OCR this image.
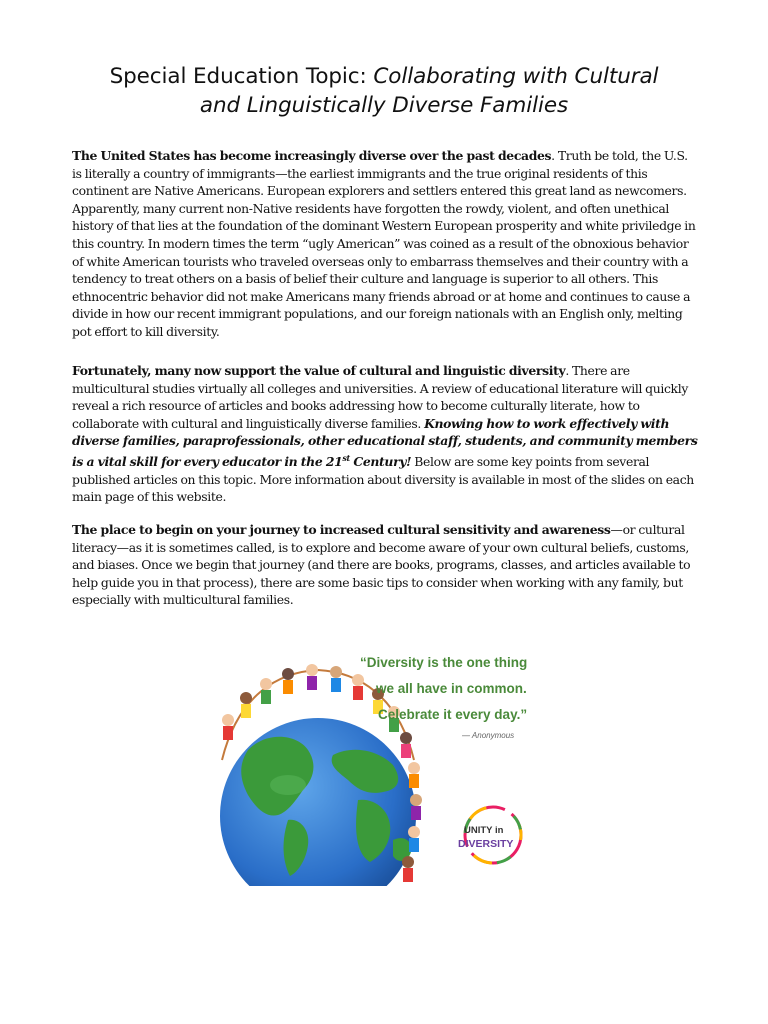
Special Education Topic: Collaborating with Cultural
and Linguistically Diverse Families
The United States has become increasingly diverse over the past decades. Truth be told, the U.S. is literally a country of immigrants—the earliest immigrants and the true original residents of this continent are Native Americans. European explorers and settlers entered this great land as newcomers. Apparently, many current non-Native residents have forgotten the rowdy, violent, and often unethical history of that lies at the foundation of the dominant Western European prosperity and white priviledge in this country. In modern times the term “ugly American” was coined as a result of the obnoxious behavior of white American tourists who traveled overseas only to embarrass themselves and their country with a tendency to treat others on a basis of belief their culture and language is superior to all others. This ethnocentric behavior did not make Americans many friends abroad or at home and continues to cause a divide in how our recent immigrant populations, and our foreign nationals with an English only, melting pot effort to kill diversity.
Fortunately, many now support the value of cultural and linguistic diversity. There are multicultural studies virtually all colleges and universities. A review of educational literature will quickly reveal a rich resource of articles and books addressing how to become culturally literate, how to collaborate with cultural and linguistically diverse families. Knowing how to work effectively with diverse families, paraprofessionals, other educational staff, students, and community members is a vital skill for every educator in the 21st Century! Below are some key points from several published articles on this topic. More information about diversity is available in most of the slides on each main page of this website.
The place to begin on your journey to increased cultural sensitivity and awareness—or cultural literacy—as it is sometimes called, is to explore and become aware of your own cultural beliefs, customs, and biases. Once we begin that journey (and there are books, programs, classes, and articles available to help guide you in that process), there are some basic tips to consider when working with any family, but especially with multicultural families.
“Diversity is the one thing
we all have in common.
Celebrate it every day.”
— Anonymous
UNITY in
DIVERSITY
